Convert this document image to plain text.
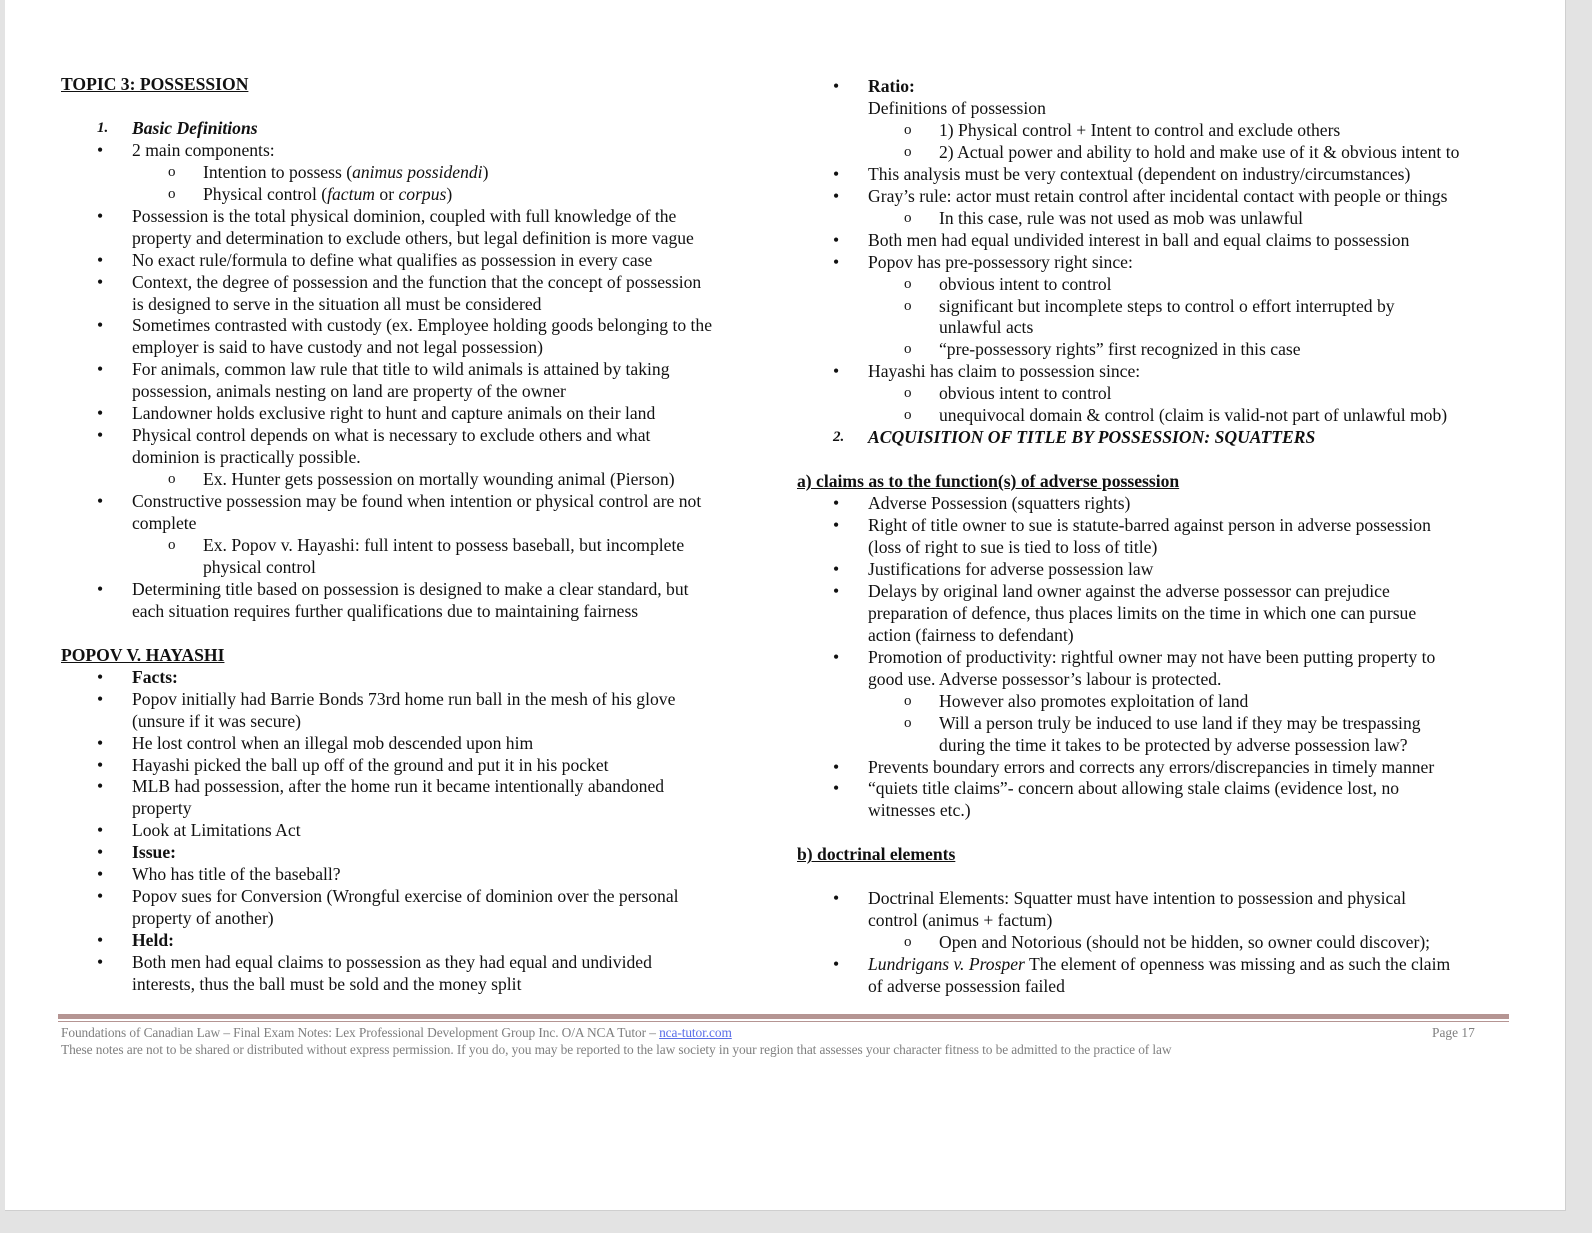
TOPIC 3: POSSESSION
1. Basic Definitions
• 2 main components:
o Intention to possess (animus possidendi)
o Physical control (factum or corpus)
• Possession is the total physical dominion, coupled with full knowledge of the
property and determination to exclude others, but legal definition is more vague
• No exact rule/formula to define what qualifies as possession in every case
• Context, the degree of possession and the function that the concept of possession
is designed to serve in the situation all must be considered
• Sometimes contrasted with custody (ex. Employee holding goods belonging to the
employer is said to have custody and not legal possession)
• For animals, common law rule that title to wild animals is attained by taking
possession, animals nesting on land are property of the owner
• Landowner holds exclusive right to hunt and capture animals on their land
• Physical control depends on what is necessary to exclude others and what
dominion is practically possible.
o Ex. Hunter gets possession on mortally wounding animal (Pierson)
• Constructive possession may be found when intention or physical control are not
complete
o Ex. Popov v. Hayashi: full intent to possess baseball, but incomplete
physical control
• Determining title based on possession is designed to make a clear standard, but
each situation requires further qualifications due to maintaining fairness
POPOV V. HAYASHI
• Facts:
• Popov initially had Barrie Bonds 73rd home run ball in the mesh of his glove
(unsure if it was secure)
• He lost control when an illegal mob descended upon him
• Hayashi picked the ball up off of the ground and put it in his pocket
• MLB had possession, after the home run it became intentionally abandoned
property
• Look at Limitations Act
• Issue:
• Who has title of the baseball?
• Popov sues for Conversion (Wrongful exercise of dominion over the personal
property of another)
• Held:
• Both men had equal claims to possession as they had equal and undivided
interests, thus the ball must be sold and the money split
• Ratio:
Definitions of possession
o 1) Physical control + Intent to control and exclude others
o 2) Actual power and ability to hold and make use of it & obvious intent to
• This analysis must be very contextual (dependent on industry/circumstances)
• Gray’s rule: actor must retain control after incidental contact with people or things
o In this case, rule was not used as mob was unlawful
• Both men had equal undivided interest in ball and equal claims to possession
• Popov has pre-possessory right since:
o obvious intent to control
o significant but incomplete steps to control o effort interrupted by
unlawful acts
o “pre-possessory rights” first recognized in this case
• Hayashi has claim to possession since:
o obvious intent to control
o unequivocal domain & control (claim is valid-not part of unlawful mob)
2. ACQUISITION OF TITLE BY POSSESSION: SQUATTERS
a) claims as to the function(s) of adverse possession
• Adverse Possession (squatters rights)
• Right of title owner to sue is statute-barred against person in adverse possession
(loss of right to sue is tied to loss of title)
• Justifications for adverse possession law
• Delays by original land owner against the adverse possessor can prejudice
preparation of defence, thus places limits on the time in which one can pursue
action (fairness to defendant)
• Promotion of productivity: rightful owner may not have been putting property to
good use. Adverse possessor’s labour is protected.
o However also promotes exploitation of land
o Will a person truly be induced to use land if they may be trespassing
during the time it takes to be protected by adverse possession law?
• Prevents boundary errors and corrects any errors/discrepancies in timely manner
• “quiets title claims”- concern about allowing stale claims (evidence lost, no
witnesses etc.)
b) doctrinal elements
• Doctrinal Elements: Squatter must have intention to possession and physical
control (animus + factum)
o Open and Notorious (should not be hidden, so owner could discover);
• Lundrigans v. Prosper The element of openness was missing and as such the claim
of adverse possession failed
Foundations of Canadian Law – Final Exam Notes: Lex Professional Development Group Inc. O/A NCA Tutor – nca-tutor.com	Page 17
These notes are not to be shared or distributed without express permission. If you do, you may be reported to the law society in your region that assesses your character fitness to be admitted to the practice of law
